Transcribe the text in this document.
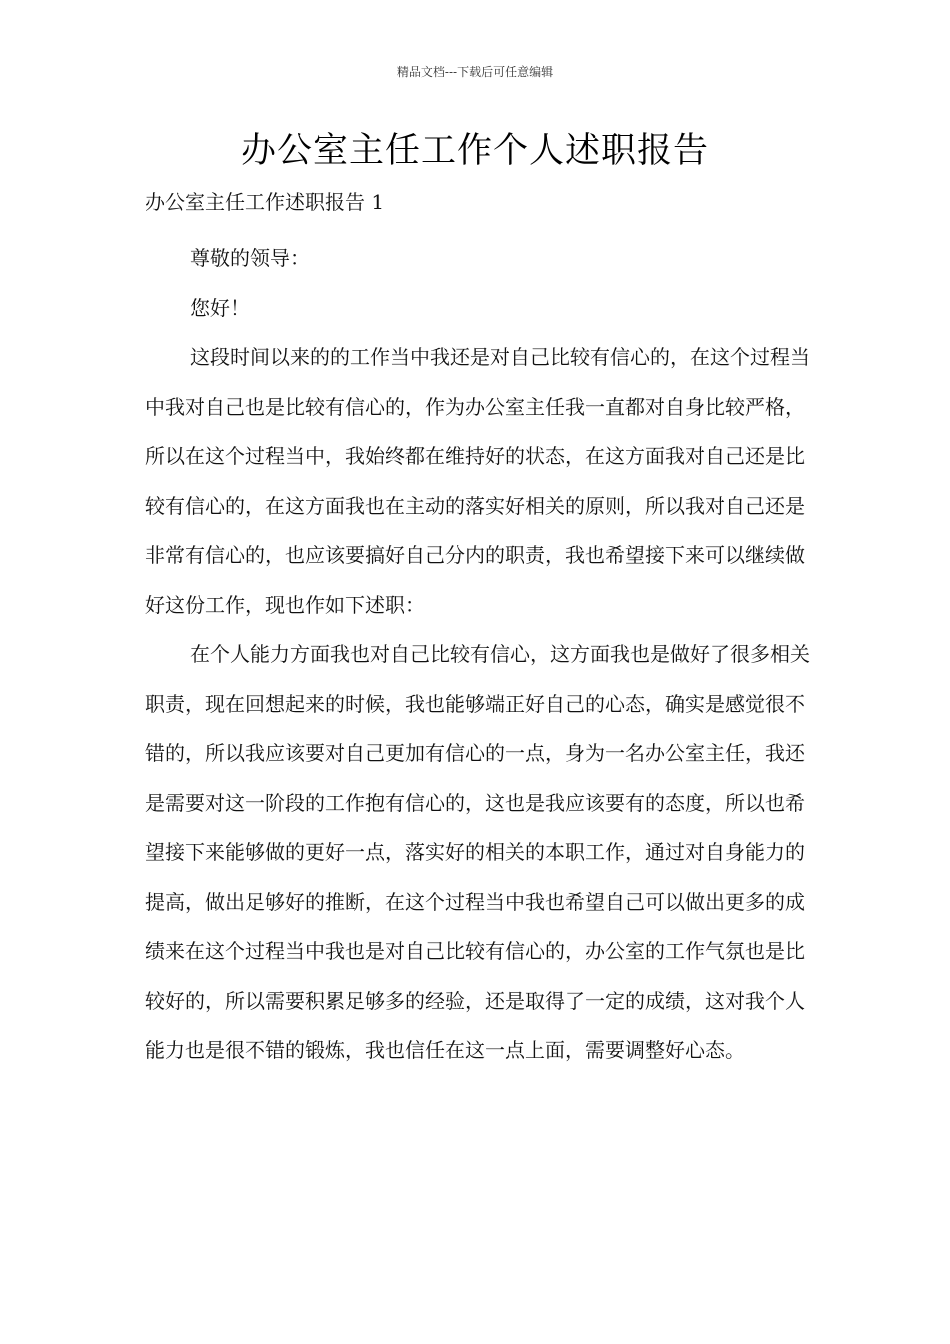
精品文档---下载后可任意编辑
办公室主任工作个人述职报告
办公室主任工作述职报告 1

尊敬的领导：

您好！

这段时间以来的的工作当中我还是对自己比较有信心的，在这个过程当中我对自己也是比较有信心的，作为办公室主任我一直都对自身比较严格，所以在这个过程当中，我始终都在维持好的状态，在这方面我对自己还是比较有信心的，在这方面我也在主动的落实好相关的原则，所以我对自己还是非常有信心的，也应该要搞好自己分内的职责，我也希望接下来可以继续做好这份工作，现也作如下述职：

在个人能力方面我也对自己比较有信心，这方面我也是做好了很多相关职责，现在回想起来的时候，我也能够端正好自己的心态，确实是感觉很不错的，所以我应该要对自己更加有信心的一点，身为一名办公室主任，我还是需要对这一阶段的工作抱有信心的，这也是我应该要有的态度，所以也希望接下来能够做的更好一点，落实好的相关的本职工作，通过对自身能力的提高，做出足够好的推断，在这个过程当中我也希望自己可以做出更多的成绩来在这个过程当中我也是对自己比较有信心的，办公室的工作气氛也是比较好的，所以需要积累足够多的经验，还是取得了一定的成绩，这对我个人能力也是很不错的锻炼，我也信任在这一点上面，需要调整好心态。
